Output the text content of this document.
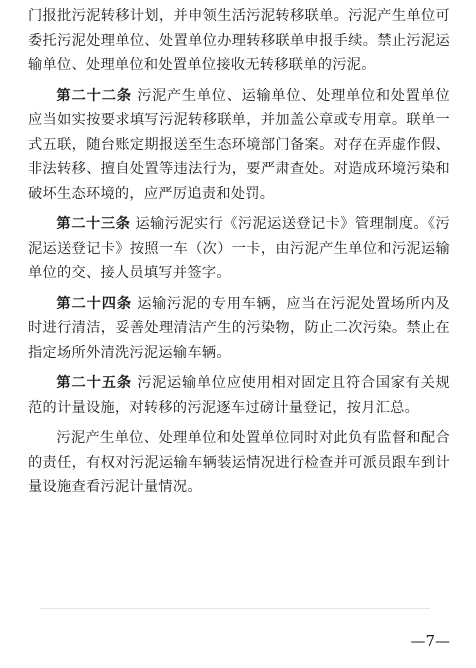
门报批污泥转移计划，并申领生活污泥转移联单。污泥产生单位可委托污泥处理单位、处置单位办理转移联单申报手续。禁止污泥运输单位、处理单位和处置单位接收无转移联单的污泥。

第二十二条 污泥产生单位、运输单位、处理单位和处置单位应当如实按要求填写污泥转移联单，并加盖公章或专用章。联单一式五联，随台账定期报送至生态环境部门备案。对存在弄虚作假、非法转移、擅自处置等违法行为，要严肃查处。对造成环境污染和破坏生态环境的，应严厉追责和处罚。

第二十三条 运输污泥实行《污泥运送登记卡》管理制度。《污泥运送登记卡》按照一车（次）一卡，由污泥产生单位和污泥运输单位的交、接人员填写并签字。

第二十四条 运输污泥的专用车辆，应当在污泥处置场所内及时进行清洁，妥善处理清洁产生的污染物，防止二次污染。禁止在指定场所外清洗污泥运输车辆。

第二十五条 污泥运输单位应使用相对固定且符合国家有关规范的计量设施，对转移的污泥逐车过磅计量登记，按月汇总。

污泥产生单位、处理单位和处置单位同时对此负有监督和配合的责任，有权对污泥运输车辆装运情况进行检查并可派员跟车到计量设施查看污泥计量情况。

—7—
